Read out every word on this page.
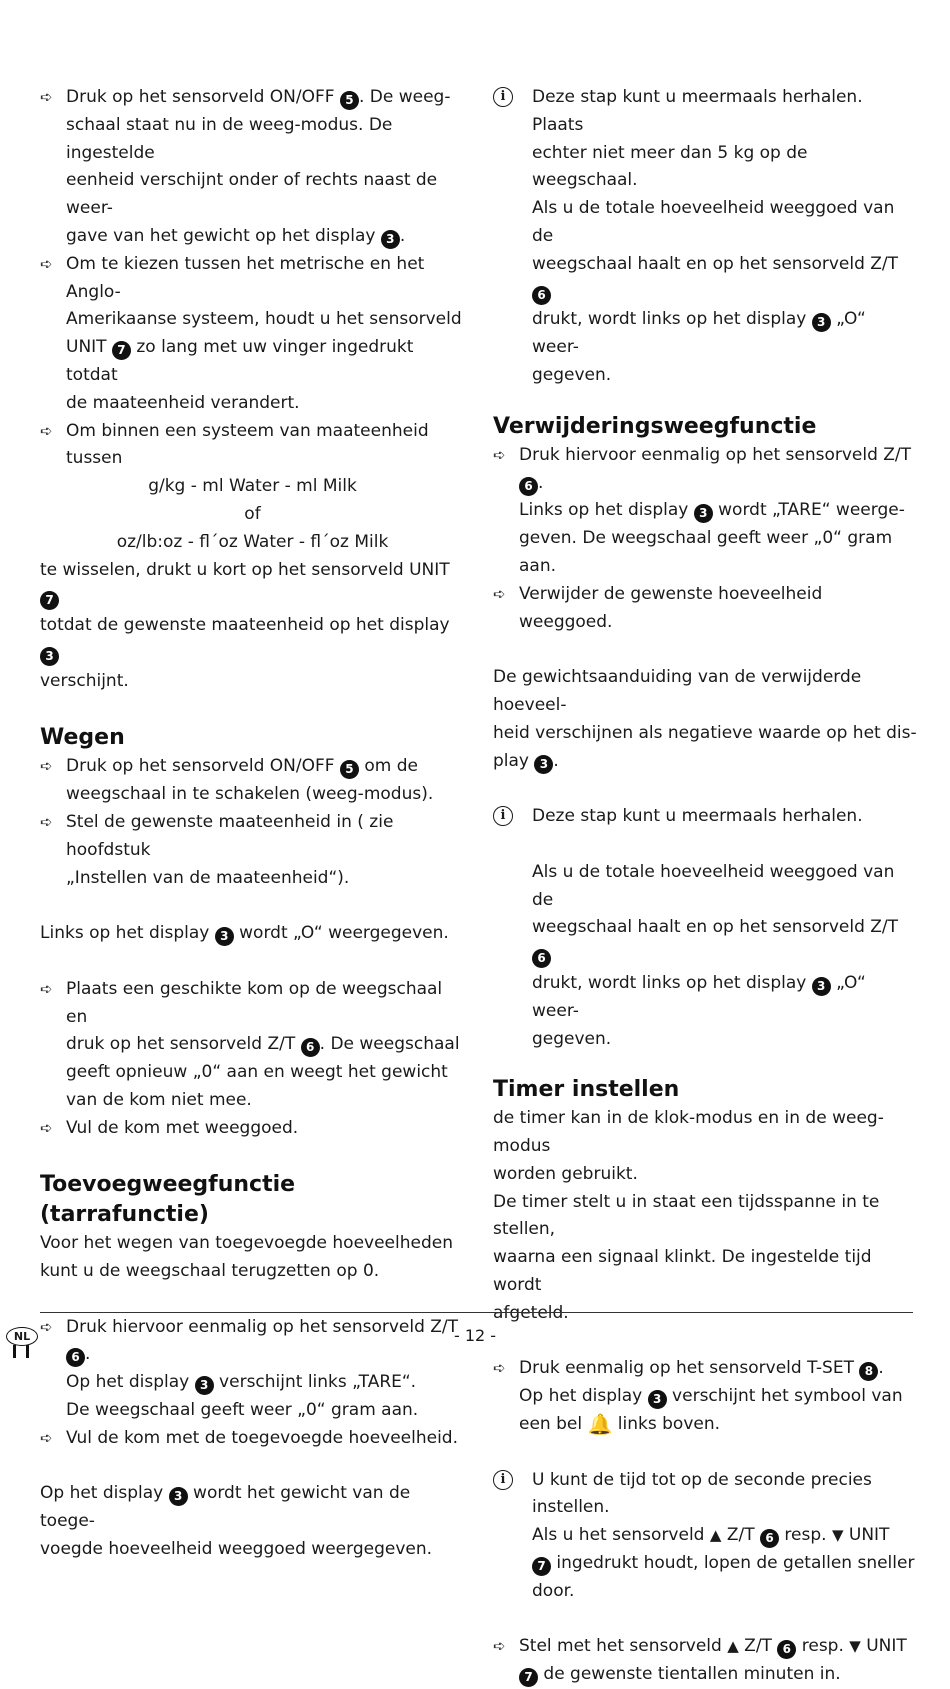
➪ Druk op het sensorveld ON/OFF 5 . De weeg-
schaal staat nu in de weeg-modus. De ingestelde
eenheid verschijnt onder of rechts naast de weer-
gave van het gewicht op het display 3 .
➪ Om te kiezen tussen het metrische en het Anglo-
Amerikaanse systeem, houdt u het sensorveld
UNIT 7 zo lang met uw vinger ingedrukt totdat
de maateenheid verandert.
➪ Om binnen een systeem van maateenheid tussen

g/kg - ml Water - ml Milk

of

oz/lb:oz - fl´oz Water - fl´oz Milk

te wisselen, drukt u kort op het sensorveld UNIT 7
totdat de gewenste maateenheid op het display 3
verschijnt.

Wegen
➪ Druk op het sensorveld ON/OFF 5 om de
weegschaal in te schakelen (weeg-modus).
➪ Stel de gewenste maateenheid in ( zie hoofdstuk
„Instellen van de maateenheid“).

Links op het display 3 wordt „O“ weergegeven.

➪ Plaats een geschikte kom op de weegschaal en
druk op het sensorveld Z/T 6 . De weegschaal
geeft opnieuw „0“ aan en weegt het gewicht
van de kom niet mee.
➪ Vul de kom met weeggoed.
Toevoegweegfunctie (tarrafunctie)

Voor het wegen van toegevoegde hoeveelheden
kunt u de weegschaal terugzetten op 0.

➪ Druk hiervoor eenmalig op het sensorveld Z/T 6 .
Op het display 3 verschijnt links „TARE“.
De weegschaal geeft weer „0“ gram aan.
➪ Vul de kom met de toegevoegde hoeveelheid.

Op het display 3 wordt het gewicht van de toege-
voegde hoeveelheid weeggoed weergegeven.

i	Deze stap kunt u meermaals herhalen. Plaats
echter niet meer dan 5 kg op de weegschaal.
Als u de totale hoeveelheid weeggoed van de
weegschaal haalt en op het sensorveld Z/T 6
drukt, wordt links op het display 3 „O“ weer-
gegeven.
Verwijderingsweegfunctie
➪ Druk hiervoor eenmalig op het sensorveld Z/T 6 .
Links op het display 3 wordt „TARE“ weerge-
geven. De weegschaal geeft weer „0“ gram aan.
➪ Verwijder de gewenste hoeveelheid weeggoed.

De gewichtsaanduiding van de verwijderde hoeveel-
heid verschijnen als negatieve waarde op het dis-
play 3 .

i	Deze stap kunt u meermaals herhalen.

Als u de totale hoeveelheid weeggoed van de
weegschaal haalt en op het sensorveld Z/T 6
drukt, wordt links op het display 3 „O“ weer-
gegeven.
Timer instellen

de timer kan in de klok-modus en in de weeg-modus
worden gebruikt.
De timer stelt u in staat een tijdsspanne in te stellen,
waarna een signaal klinkt. De ingestelde tijd wordt
afgeteld.

➪ Druk eenmalig op het sensorveld T-SET 8 .
Op het display 3 verschijnt het symbool van
een bel 🔔 links boven.
i	U kunt de tijd tot op de seconde precies instellen.
Als u het sensorveld ▲ Z/T 6 resp. ▼ UNIT
7 ingedrukt houdt, lopen de getallen sneller
door.
➪ Stel met het sensorveld ▲ Z/T 6 resp. ▼ UNIT
7 de gewenste tientallen minuten in.
- 12 -
NL
